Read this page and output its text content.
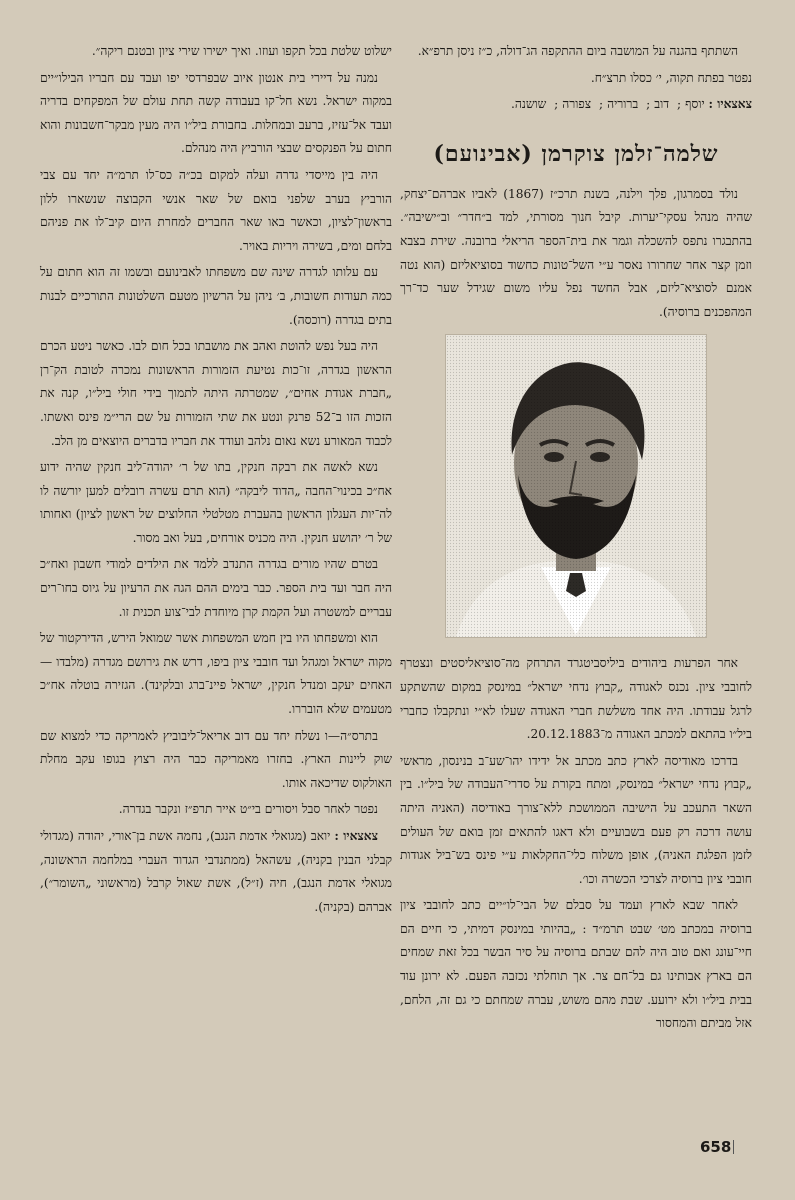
השתתף בהגנה על המושבה ביום ההתקפה הג־דולה, כ״ז ניסן תרפ״א.

נפטר בפתח תקוה, י׳ כסלו תרצ״ח.

צאצאיו : יוסף; דוב; ברוריה; צפורה; שושנה.

שלמה־זלמן צוקרמן (אבינועם)

נולד בסמרגון, פלך וילנה, בשנת תרכ״ז (1867) לאביו אברהם־יצחק, שהיה מנהל עסקי־יערות. קיבל חנוך מסורתי, למד ב״חדר״ וב״ישיבה״. בהתבגרו נתפס להשכלה וגמר את בית־הספר הריאלי ברובנה. שירת בצבא וזמן קצר אחר שחרורו נאסר ע״י השל־טונות כחשוד בסוציאליזם (הוא נטה אמנם לסוציא־ליזם, אבל החשד נפל עליו משום שגידל שער כד־רך המהפכנים ברוסיה).

אחר הפרעות ביהודים ביליסביטגרד התרחק מה־סוציאליסטים ונצטרף לחובבי ציון. נכנס לאגודה „קבוץ נדחי ישראל״ במינסק במקום שהשתקע לרגל עבודתו. היה אחד משלשת חברי האגודה שעלו לא״י ונתקבלו כחברי ביל״ו בהתאם למכתב האגודה מ־20.12.1883.

בדרכו מאודיסה לארץ כתב מכתב אל ידידו יהו־שע־ב בנינסון, מראשי „קבוץ נדחי ישראל״ במינסק, ומתח בקורת על סדרי־העבודה של ביל״ו. בין השאר התעכב על הישיבה הממושכת ללא־צורך באודיסה (האניה היתה עושה דרכה רק פעם בשבועיים ולא דאגו להתאים זמן בואם של העולים לזמן הפלגת האניה), אופן משלוח כלי־החקלאות ע״י פינס בש־ביל אגודות חובבי ציון ברוסיה לצרכי הכשרה וכו׳.

לאחר שבא לארץ ועמד על סבלם של הבי־לו״יים כתב לחובבי ציון ברוסיה במכתב מט׳ שבט תרמ״ד : „בהיותי במינסק דמיתי, כי חיים הם חיי־עונג ואם טוב היה להם שבתם ברוסיה על סיר הבשר בכל זאת שמחים הם בארץ אבותינו גם בל־חם צר. אך תוחלתי נכזבה הפעם. לא ירונן עוד בבית ביל״ו ולא ירועע. שבת מהם משוש, עברה שמחתם כי גם זה, הלחם, אזל מביתם והמחסור

ישלוט שלטת בכל תקפו ועוזו. ואיך ישירו שירי ציון ובטנם ריקה״.

נמנה על דיירי בית אנטון איוב שבפרדסי יפו ועבד עם חבריו הבילו״יים במקוה ישראל. נשא חל־קו בעבודה קשה תחת עולם של המפקחים בדריה ועבד אל־עזיז, ברעב ובמחלות. בחבורת ביל״ו היה מעין מבקר־חשבונות והוא חתום על הפנקסים שבצי הורביץ היה מנהלם.

היה בין מייסדי גדרה ועלה למקום בכ״ה כס־לו תרמ״ה יחד עם צבי הורביץ בערב שלפני בואם של שאר אנשי הקבוצה שנשארו ללון בראשון־לציון, וכאשר באו שאר החברים למחרת היום קיב־לו את פניהם בלחם ומים, בשירה ויריות באויר.

עם עלותו לגדרה שינה שם משפחתו לאבינועם ובשמו זה הוא חתום על כמה תעודות חשובות, ב׳ ניהן על הרשיון מטעם השלטונות התורכיים לבנות בתים בגדרה (רוכסה).

היה בעל נפש להוטת ואהב את מושבתו בכל חום לבו. כאשר ניטע הכרם הראשון בגדרה, זו־כות נטיעת הזמורות הראשונות נמכרה לטובת הק־רן „חברת אגודת אחים״, שמטרתה היתה לתמוך בידי חולי ביל״ו, קנה את הזכות הזו ב־52 פרנק ונטע את שתי הזמורות על שם הרי״מ פינס ואשתו. לכבוד המאורע נשא נאום נלהב ועודד את חבריו בדברים היוצאים מן הלב.

נשא לאשה את רבקה חנקין, בתו של ר׳ יהודה־ליב חנקין שהיה ידוע אח״כ בכינוי־החבה „הדוד ליבקה״ (הוא תרם עשרה רובלים למען יורשה לו לה־יות העגלון הראשון בהעברת מטלטלי החלוצים של ראשון לציון) ואחותו של ר׳ יהושע חנקין. היה מכניס אורחים, בעל ואב מסור.

בטרם שהיו מורים בגדרה התנדב ללמד את הילדים למודי חשבון ואח״כ היה חבר ועד בית הספר. כבר בימים ההם הגה את הרעיון על גיוס בחו־רים עבריים למשטרה ועל הקמת קרן מיוחדת לבי־צוע תכנית זו.

הוא ומשפחתו היו בין חמש המשפחות אשר שמואל הירש, הדירקטור של מקוה ישראל ומגהל ועד חובבי ציון ביפו, דרש את גירושם מגדרה (מלבדו — האחים יעקב ומנדל חנקין, ישראל פיינ־ברג ובלקינד). הגזירה בוטלה אח״כ מטעמים שלא הובררו.

בתרס״ה—ו נשלח יחד עם דוב אריאל־ליבוביץ לאמריקה כדי למצוא שם שוק ליינות הארץ. בחזרו מאמריקה כבר היה רצוץ בגופו עקב מחלת האולקוס שדיכאה אותו.

נפטר לאחר סבל ויסורים בי״ט אייר תרפ״ז ונקבר בגדרה.

צאצאיו : יואב (מגואלי אדמת הנגב), נחמה אשת בן־אורי, יהודה (מגדולי קבלני הבנין בקניה), עשהאל (ממתנדבי הגדוד העברי במלחמה הראשונה, מגואלי אדמת הנגב), חיה (ז״ל), אשת שאול קרבל (מראשוני „השומר״), אברהם (בקניה).

658
